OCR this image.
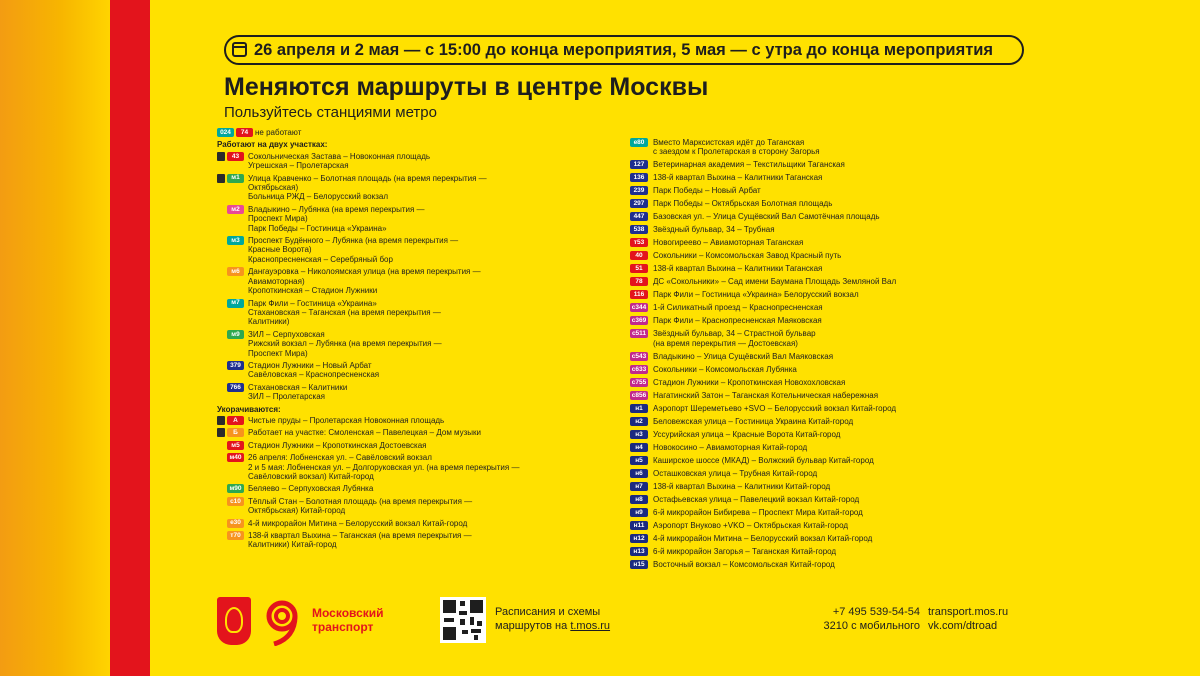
26 апреля и 2 мая — с 15:00 до конца мероприятия, 5 мая — с утра до конца мероприятия
Меняются маршруты в центре Москвы
Пользуйтесь станциями метро
024	74 не работают
Работают на двух участках:
43	Сокольническая Застава – Новоконная площадь
Угрешская – Пролетарская
м1	Улица Кравченко – Болотная площадь (на время перекрытия —
Октябрьская)
Больница РЖД – Белорусский вокзал
м2	Владыкино – Лубянка (на время перекрытия —
Проспект Мира)
Парк Победы – Гостиница «Украина»
м3	Проспект Будённого – Лубянка (на время перекрытия —
Красные Ворота)
Краснопресненская – Серебряный бор
м6	Дангауэровка – Николоямская улица (на время перекрытия —
Авиамоторная)
Кропоткинская – Стадион Лужники
м7	Парк Фили – Гостиница «Украина»
Стахановская – Таганская (на время перекрытия —
Калитники)
м9	ЗИЛ – Серпуховская
Рижский вокзал – Лубянка (на время перекрытия —
Проспект Мира)
379 Стадион Лужники – Новый Арбат
Савёловская – Краснопресненская
766 Стахановская – Калитники
ЗИЛ – Пролетарская
Укорачиваются:
А	Чистые пруды – Пролетарская Новоконная площадь
Б	Работает на участке: Смоленская – Павелецкая – Дом музыки
м5	Стадион Лужники – Кропоткинская Достоевская
м40 26 апреля: Лобненская ул. – Савёловский вокзал
2 и 5 мая: Лобненская ул. – Долгоруковская ул. (на время перекрытия —
Савёловский вокзал) Китай-город
м90 Беляево – Серпуховская Лубянка
с10 Тёплый Стан – Болотная площадь (на время перекрытия —
Октябрьская) Китай-город
е30 4-й микрорайон Митина – Белорусский вокзал Китай-город
т70 138-й квартал Выхина – Таганская (на время перекрытия —
Калитники) Китай-город
е80	Вместо Марксистская идёт до Таганская
с заездом к Пролетарская в сторону Загорья
127	Ветеринарная академия – Текстильщики Таганская
136	138-й квартал Выхина – Калитники Таганская
239	Парк Победы – Новый Арбат
297	Парк Победы – Октябрьская Болотная площадь
447	Базовская ул. – Улица Сущёвский Вал Самотёчная площадь
538	Звёздный бульвар, 34 – Трубная
т53	Новогиреево – Авиамоторная Таганская
40	Сокольники – Комсомольская Завод Красный путь
51	138-й квартал Выхина – Калитники Таганская
78	ДС «Сокольники» – Сад имени Баумана Площадь Земляной Вал
116	Парк Фили – Гостиница «Украина» Белорусский вокзал
с344 1-й Силикатный проезд – Краснопресненская
с369 Парк Фили – Краснопресненская Маяковская
с511 Звёздный бульвар, 34 – Страстной бульвар
(на время перекрытия — Достоевская)
с543 Владыкино – Улица Сущёвский Вал Маяковская
с633 Сокольники – Комсомольская Лубянка
с755 Стадион Лужники – Кропоткинская Новохохловская
с856 Нагатинский Затон – Таганская Котельническая набережная
н1	Аэропорт Шереметьево +SVO – Белорусский вокзал Китай-город
н2	Беловежская улица – Гостиница Украина Китай-город
н3	Уссурийская улица – Красные Ворота Китай-город
н4	Новокосино – Авиамоторная Китай-город
н5	Каширское шоссе (МКАД) – Волжский бульвар Китай-город
н6	Осташковская улица – Трубная Китай-город
н7	138-й квартал Выхина – Калитники Китай-город
н8	Остафьевская улица – Павелецкий вокзал Китай-город
н9	6-й микрорайон Бибирева – Проспект Мира Китай-город
н11	Аэропорт Внуково +VKO – Октябрьская Китай-город
н12	4-й микрорайон Митина – Белорусский вокзал Китай-город
н13	6-й микрорайон Загорья – Таганская Китай-город
н15	Восточный вокзал – Комсомольская Китай-город
Московский
транспорт
Расписания и схемы
маршрутов на t.mos.ru
+7 495 539-54-54
3210 с мобильного
transport.mos.ru
vk.com/dtroad
